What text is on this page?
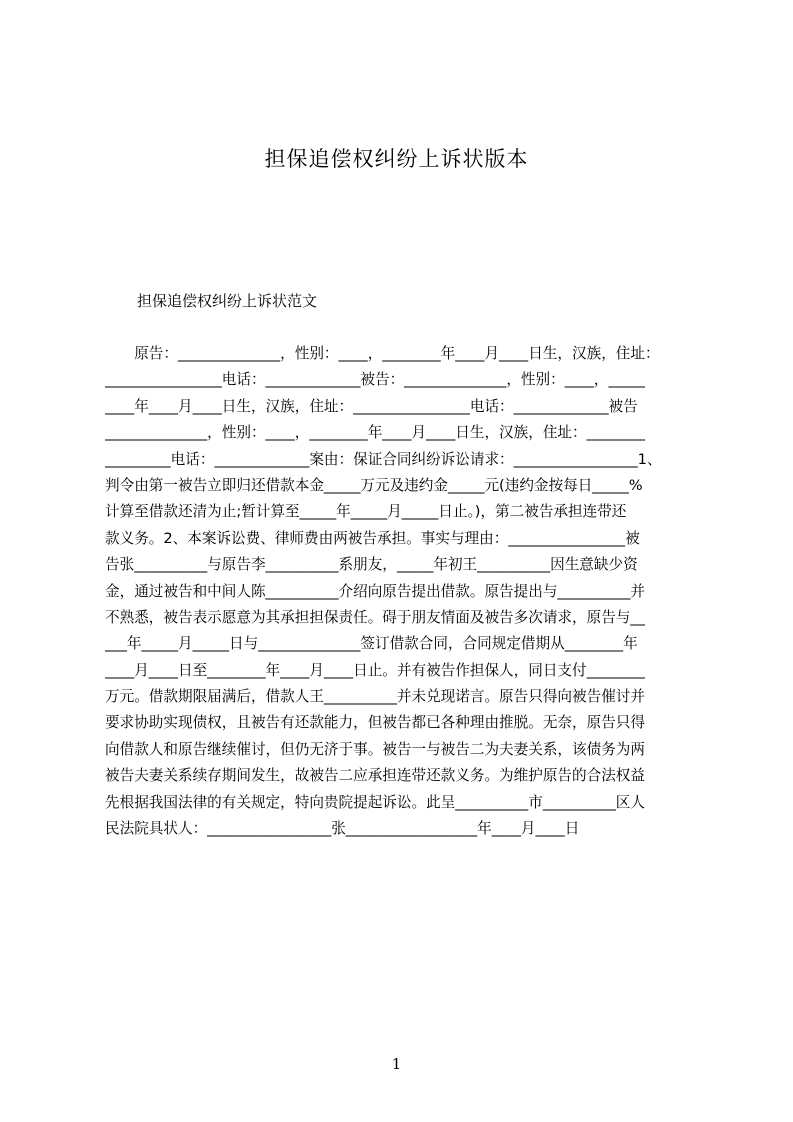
担保追偿权纠纷上诉状版本

担保追偿权纠纷上诉状范文

　　原告：______________，性别：____，________年____月____日生，汉族，住址：
________________电话：_____________被告：______________，性别：____，_____
____年____月____日生，汉族，住址：________________电话：_____________被告
______________，性别：____，________年____月____日生，汉族，住址：________
_________电话：_____________案由：保证合同纠纷诉讼请求：_________________1、
判令由第一被告立即归还借款本金_____万元及违约金_____元(违约金按每日_____%
计算至借款还清为止;暂计算至_____年_____月_____日止。)，第二被告承担连带还
款义务。2、本案诉讼费、律师费由两被告承担。事实与理由：________________被
告张__________与原告李__________系朋友，_____年初王__________因生意缺少资
金，通过被告和中间人陈__________介绍向原告提出借款。原告提出与__________并
不熟悉，被告表示愿意为其承担担保责任。碍于朋友情面及被告多次请求，原告与__
___年_____月_____日与______________签订借款合同，合同规定借期从________年
____月____日至________年____月____日止。并有被告作担保人，同日支付________
万元。借款期限届满后，借款人王__________并未兑现诺言。原告只得向被告催讨并
要求协助实现债权，且被告有还款能力，但被告都已各种理由推脱。无奈，原告只得
向借款人和原告继续催讨，但仍无济于事。被告一与被告二为夫妻关系，该债务为两
被告夫妻关系续存期间发生，故被告二应承担连带还款义务。为维护原告的合法权益
先根据我国法律的有关规定，特向贵院提起诉讼。此呈__________市__________区人
民法院具状人：_________________张__________________年____月____日
1
